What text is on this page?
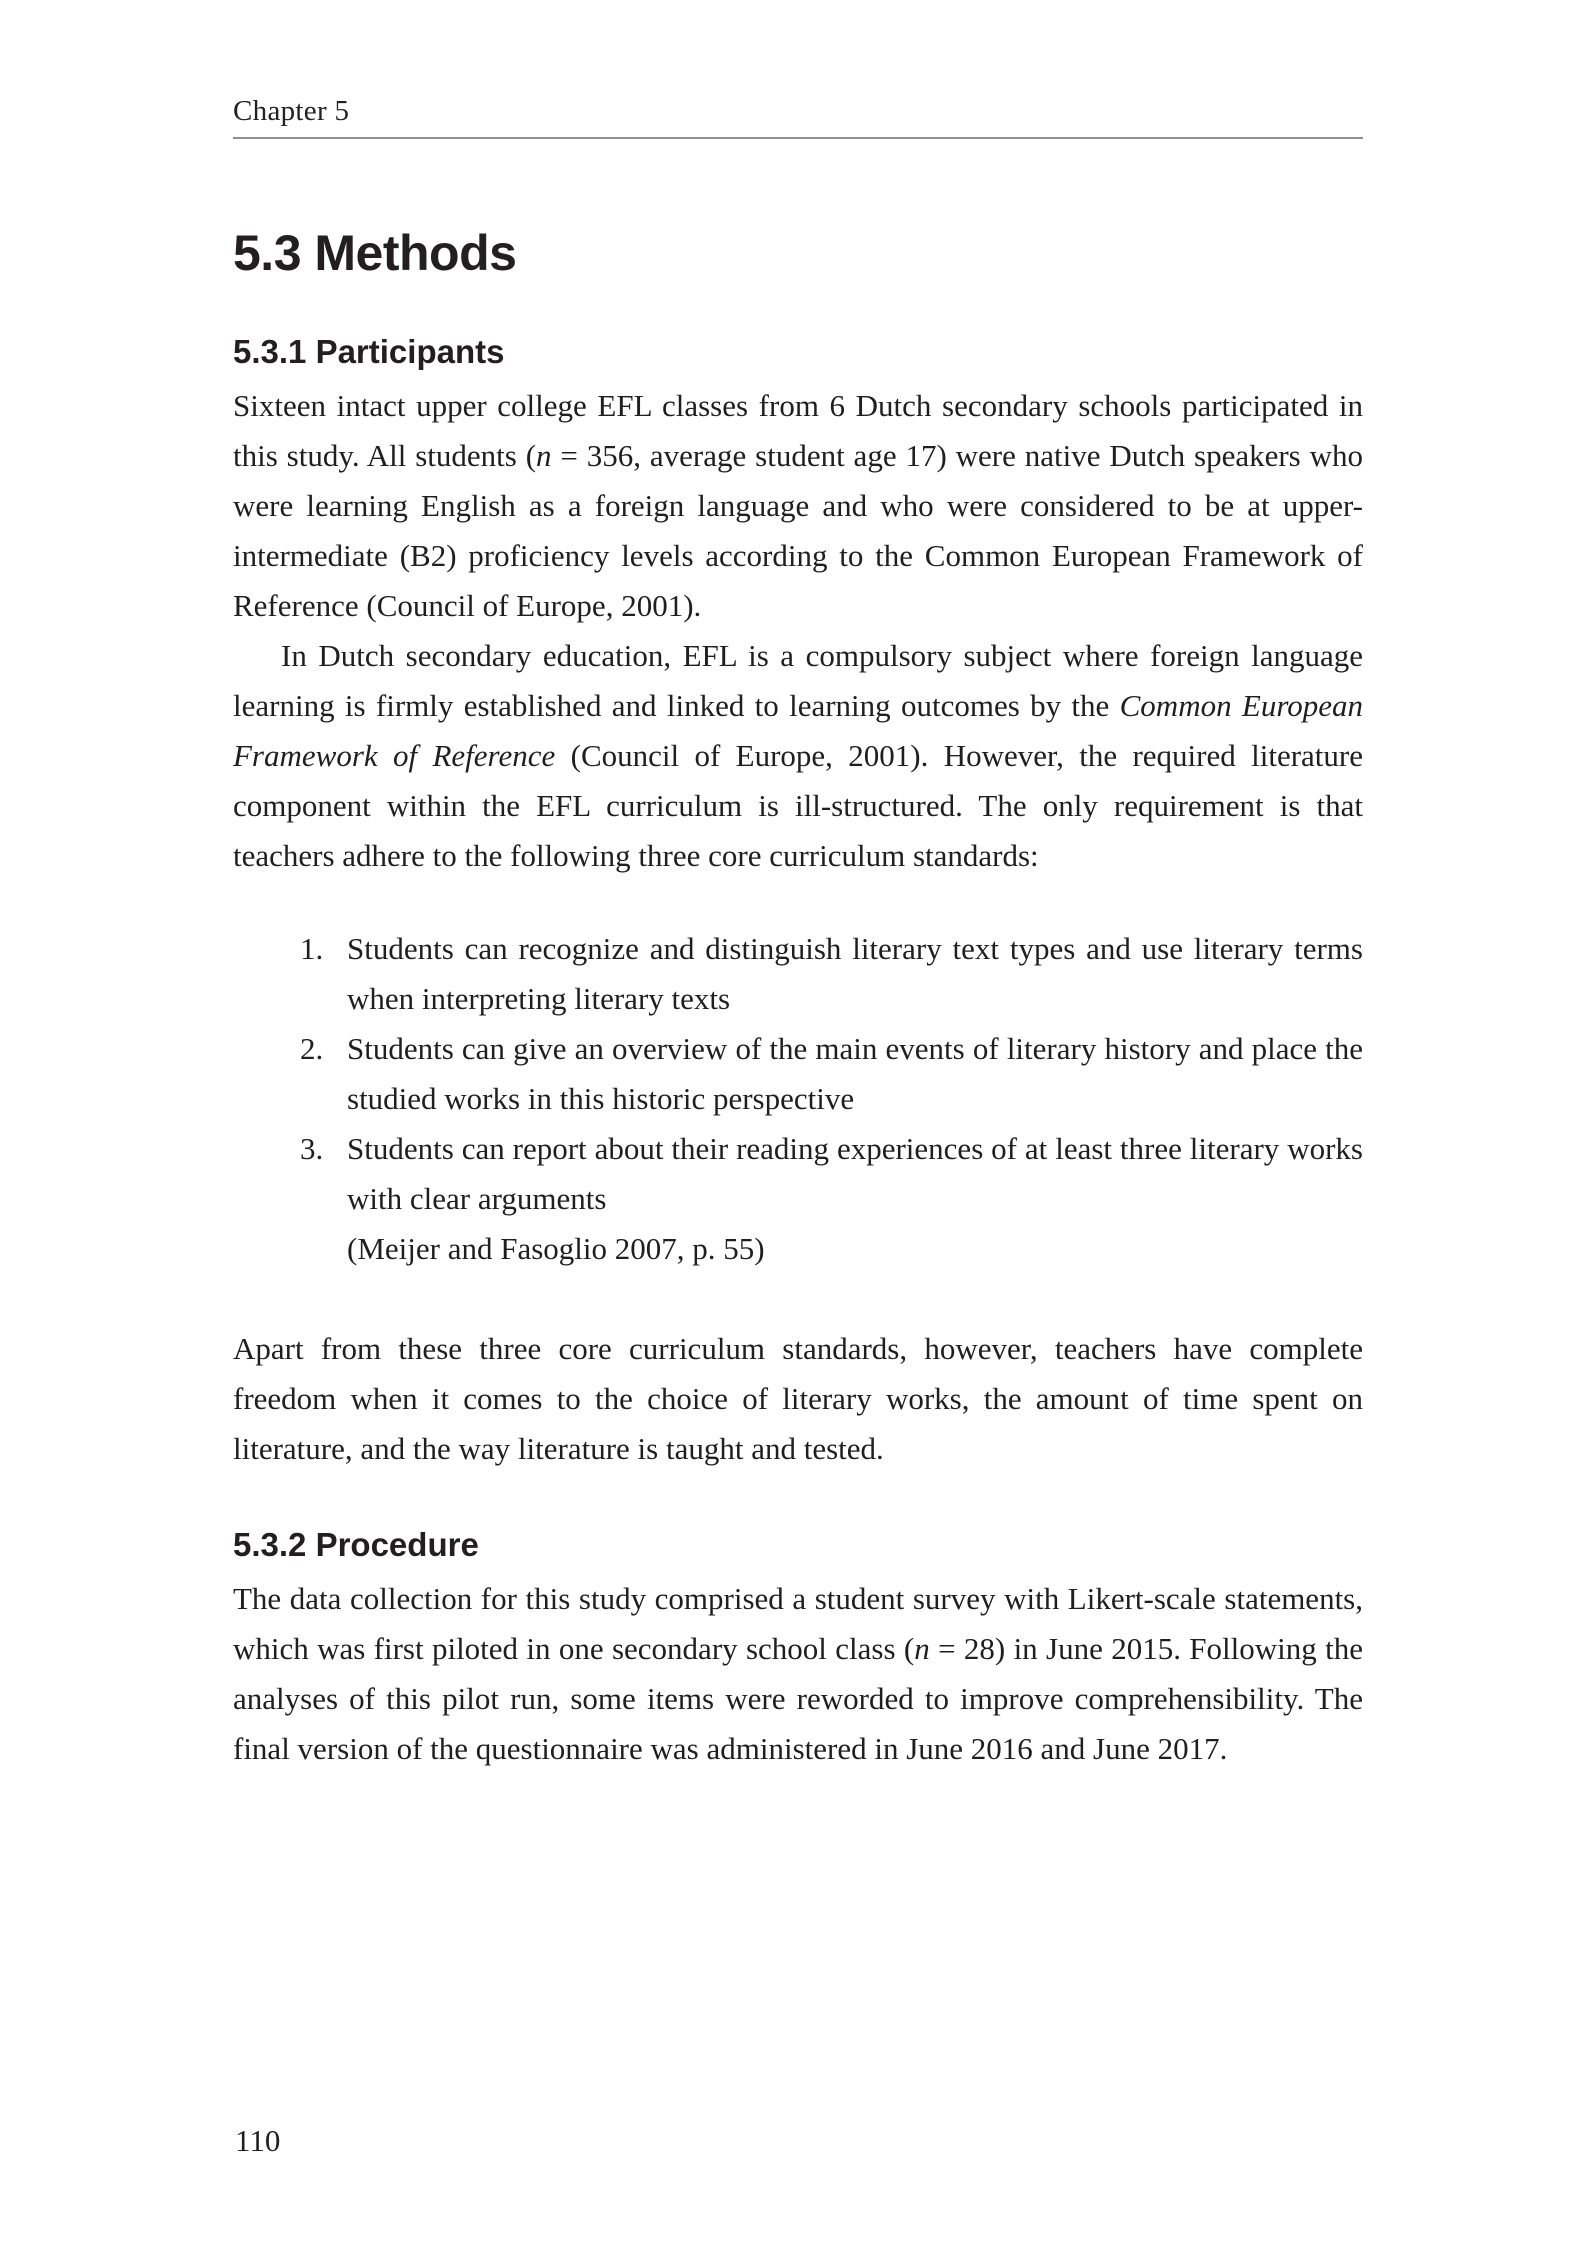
Chapter 5
5.3 Methods
5.3.1 Participants

Sixteen intact upper college EFL classes from 6 Dutch secondary schools participated in this study. All students (n = 356, average student age 17) were native Dutch speakers who were learning English as a foreign language and who were considered to be at upper-intermediate (B2) proficiency levels according to the Common European Framework of Reference (Council of Europe, 2001).

In Dutch secondary education, EFL is a compulsory subject where foreign language learning is firmly established and linked to learning outcomes by the Common European Framework of Reference (Council of Europe, 2001). However, the required literature component within the EFL curriculum is ill-structured. The only requirement is that teachers adhere to the following three core curriculum standards:

1. Students can recognize and distinguish literary text types and use literary terms when interpreting literary texts
2. Students can give an overview of the main events of literary history and place the studied works in this historic perspective
3. Students can report about their reading experiences of at least three literary works with clear arguments
(Meijer and Fasoglio 2007, p. 55)

Apart from these three core curriculum standards, however, teachers have complete freedom when it comes to the choice of literary works, the amount of time spent on literature, and the way literature is taught and tested.

5.3.2 Procedure

The data collection for this study comprised a student survey with Likert-scale statements, which was first piloted in one secondary school class (n = 28) in June 2015. Following the analyses of this pilot run, some items were reworded to improve comprehensibility. The final version of the questionnaire was administered in June 2016 and June 2017.

110
